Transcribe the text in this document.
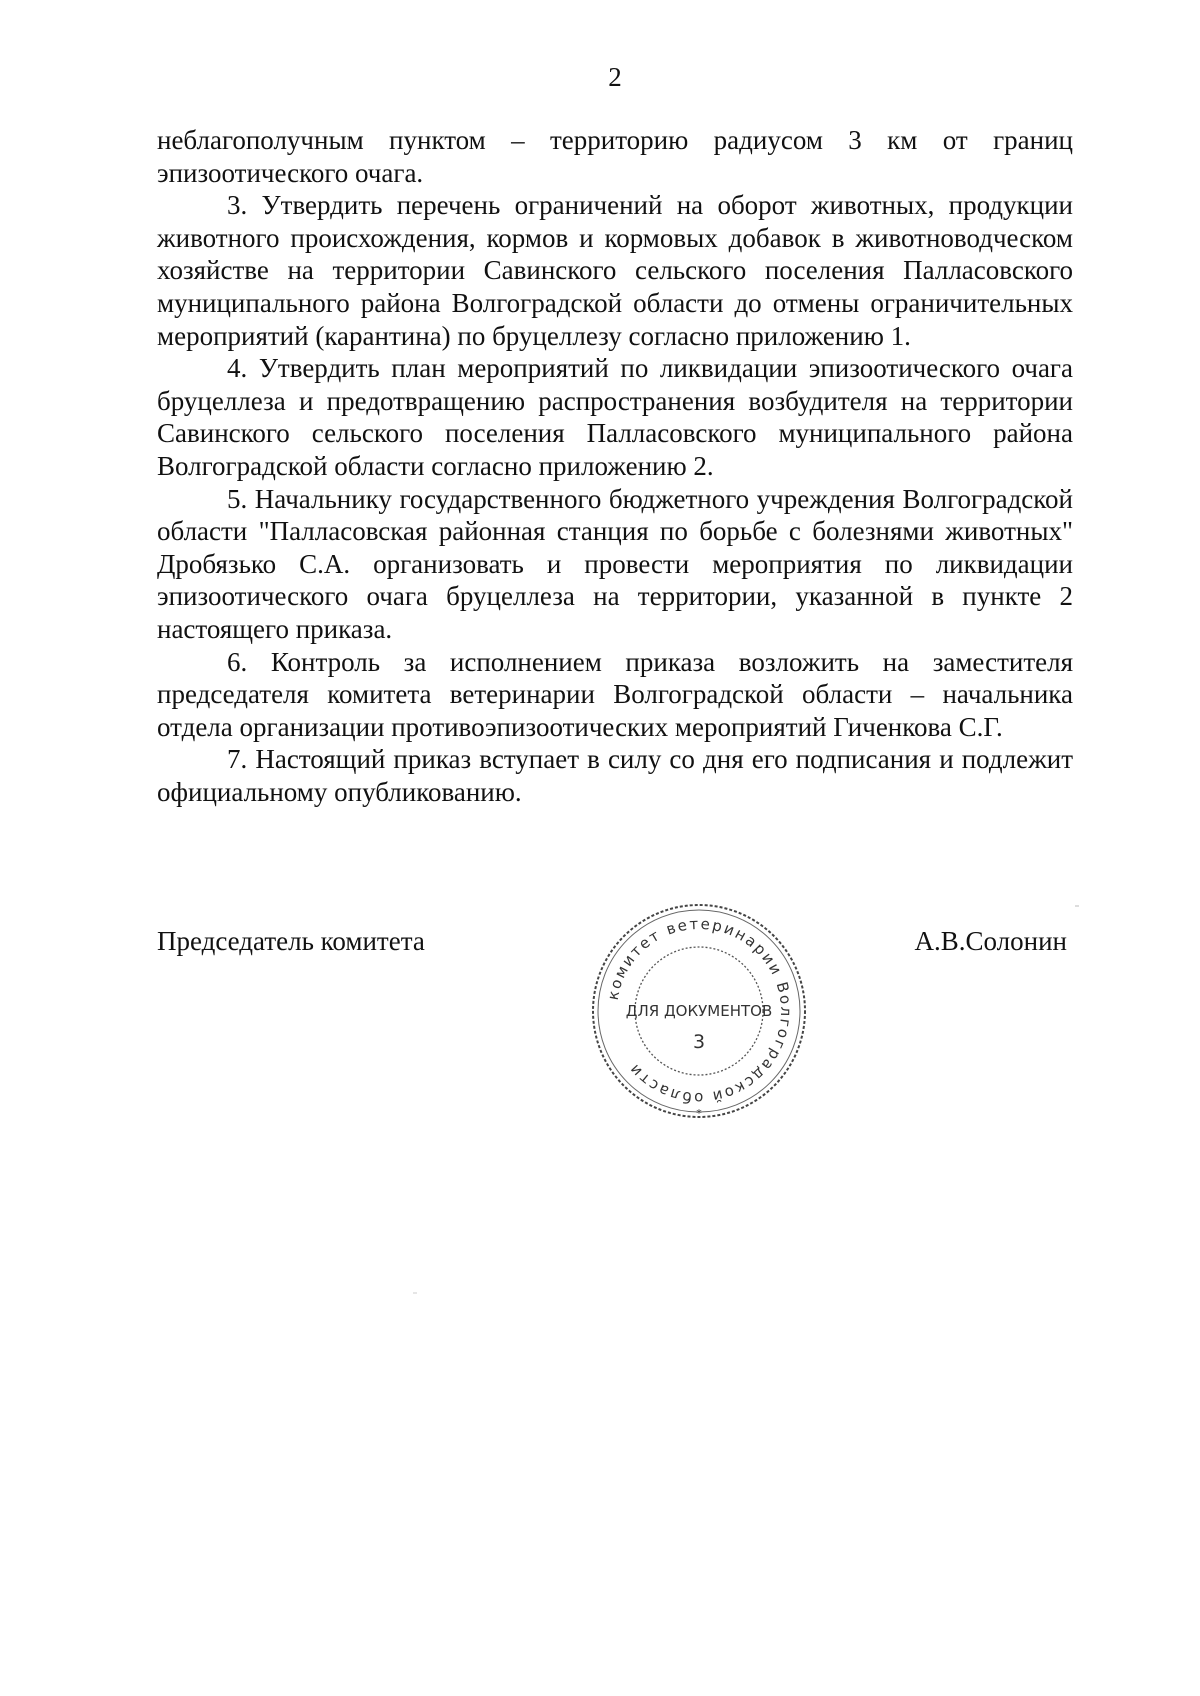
2

неблагополучным пунктом – территорию радиусом 3 км от границ эпизоотического очага.

3. Утвердить перечень ограничений на оборот животных, продукции животного происхождения, кормов и кормовых добавок в животноводческом хозяйстве на территории Савинского сельского поселения Палласовского муниципального района Волгоградской области до отмены ограничительных мероприятий (карантина) по бруцеллезу согласно приложению 1.

4. Утвердить план мероприятий по ликвидации эпизоотического очага бруцеллеза и предотвращению распространения возбудителя на территории Савинского сельского поселения Палласовского муниципального района Волгоградской области согласно приложению 2.

5. Начальнику государственного бюджетного учреждения Волгоградской области "Палласовская районная станция по борьбе с болезнями животных" Дробязько С.А. организовать и провести мероприятия по ликвидации эпизоотического очага бруцеллеза на территории, указанной в пункте 2 настоящего приказа.

6. Контроль за исполнением приказа возложить на заместителя председателя комитета ветеринарии Волгоградской области – начальника отдела организации противоэпизоотических мероприятий Гиченкова С.Г.

7. Настоящий приказ вступает в силу со дня его подписания и подлежит официальному опубликованию.

Председатель комитета	А.В.Солонин
комитет ветеринарии Волгоградской области
ДЛЯ ДОКУМЕНТОВ
3
*
